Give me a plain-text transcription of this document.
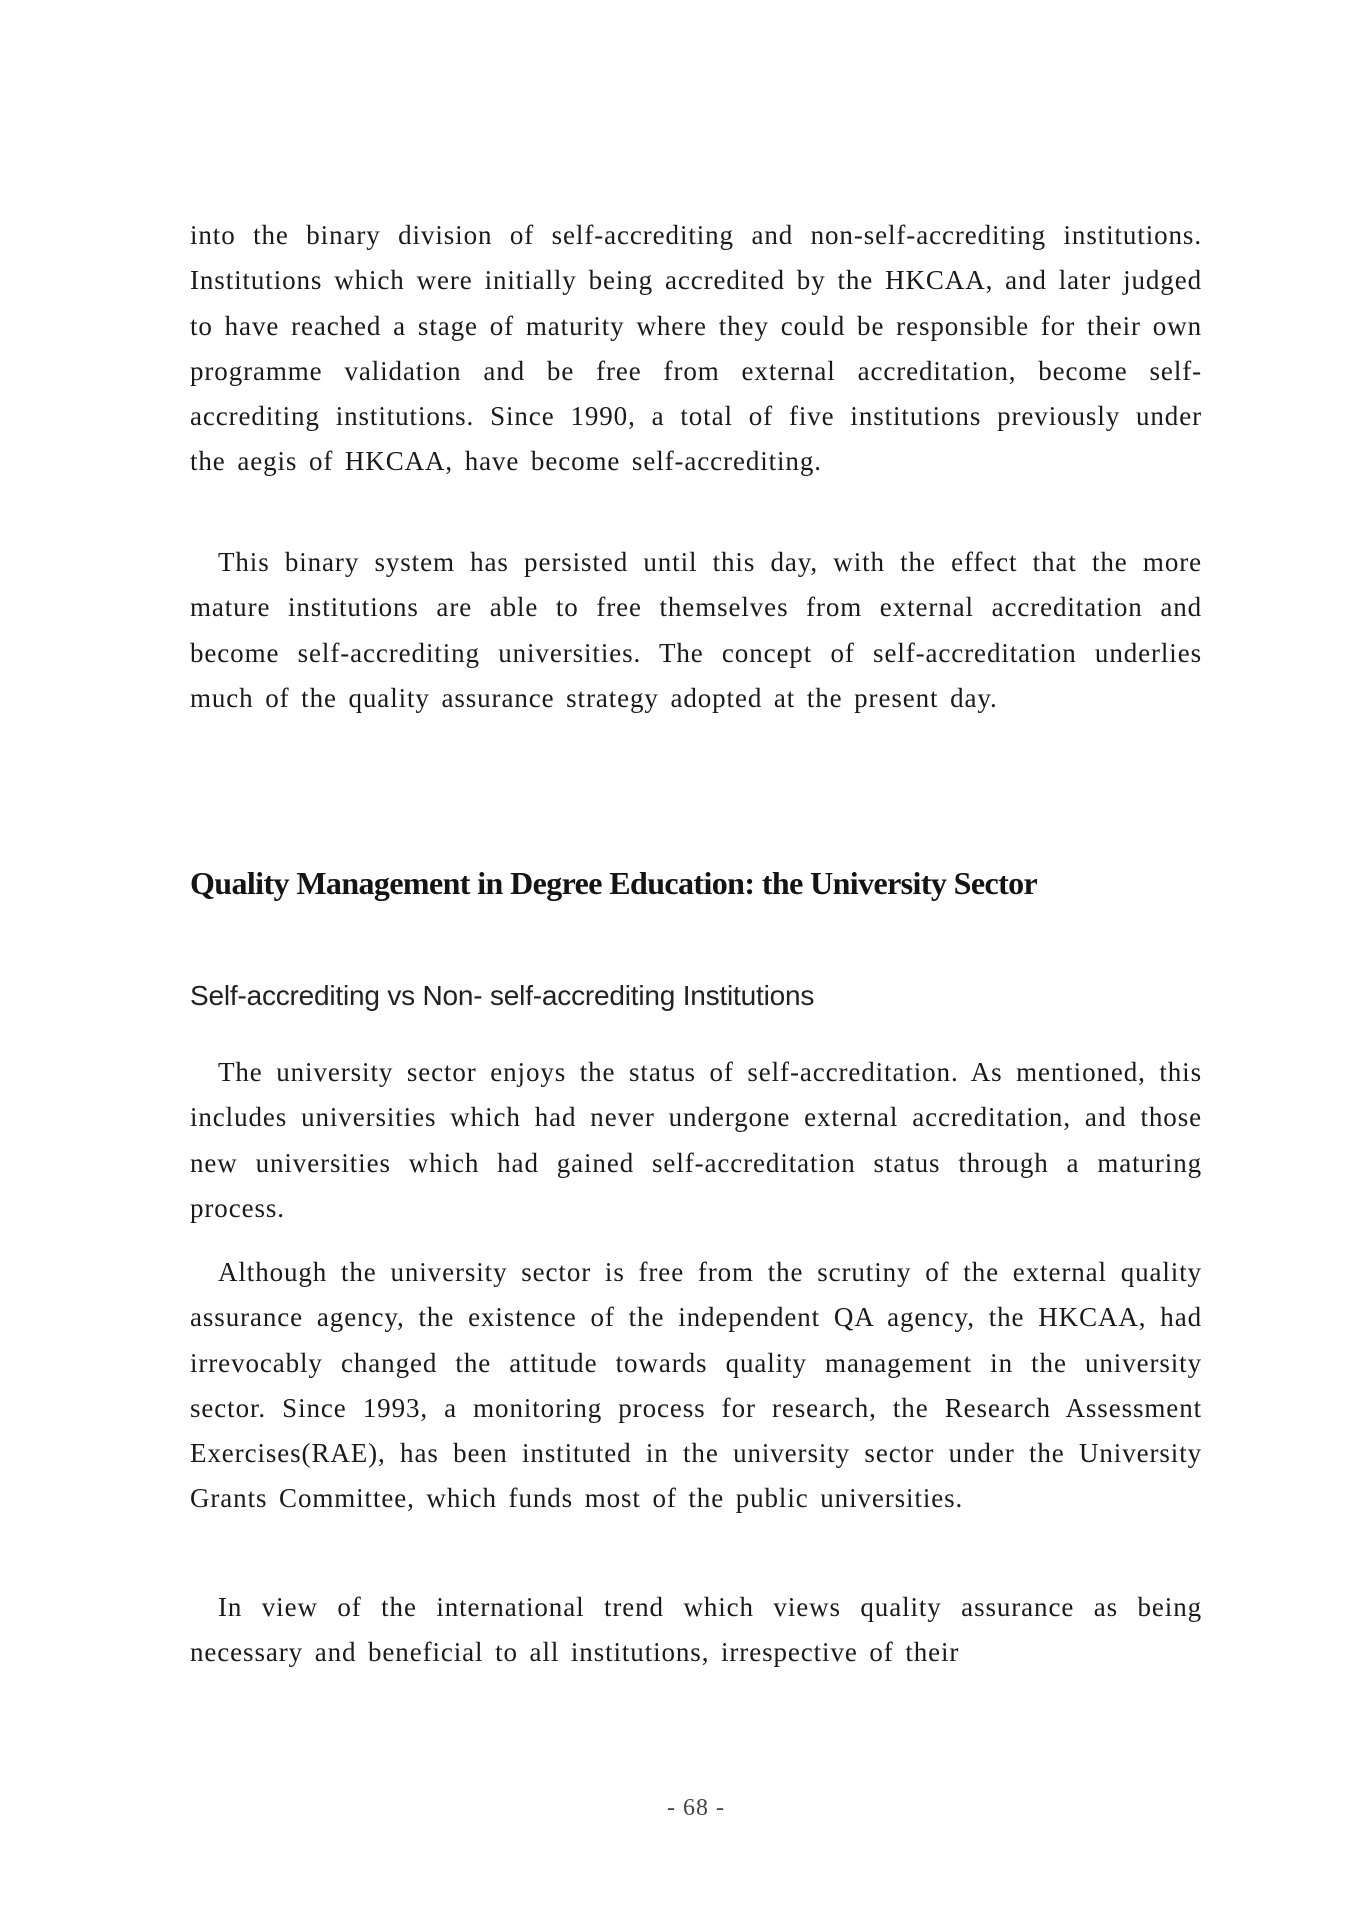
into the binary division of self-accrediting and non-self-accrediting institutions. Institutions which were initially being accredited by the HKCAA, and later judged to have reached a stage of maturity where they could be responsible for their own programme validation and be free from external accreditation, become self-accrediting institutions. Since 1990, a total of five institutions previously under the aegis of HKCAA, have become self-accrediting.

This binary system has persisted until this day, with the effect that the more mature institutions are able to free themselves from external accreditation and become self-accrediting universities. The concept of self-accreditation underlies much of the quality assurance strategy adopted at the present day.

Quality Management in Degree Education: the University Sector
Self-accrediting vs Non- self-accrediting Institutions

The university sector enjoys the status of self-accreditation. As mentioned, this includes universities which had never undergone external accreditation, and those new universities which had gained self-accreditation status through a maturing process.

Although the university sector is free from the scrutiny of the external quality assurance agency, the existence of the independent QA agency, the HKCAA, had irrevocably changed the attitude towards quality management in the university sector. Since 1993, a monitoring process for research, the Research Assessment Exercises(RAE), has been instituted in the university sector under the University Grants Committee, which funds most of the public universities.

In view of the international trend which views quality assurance as being necessary and beneficial to all institutions, irrespective of their

- 68 -
